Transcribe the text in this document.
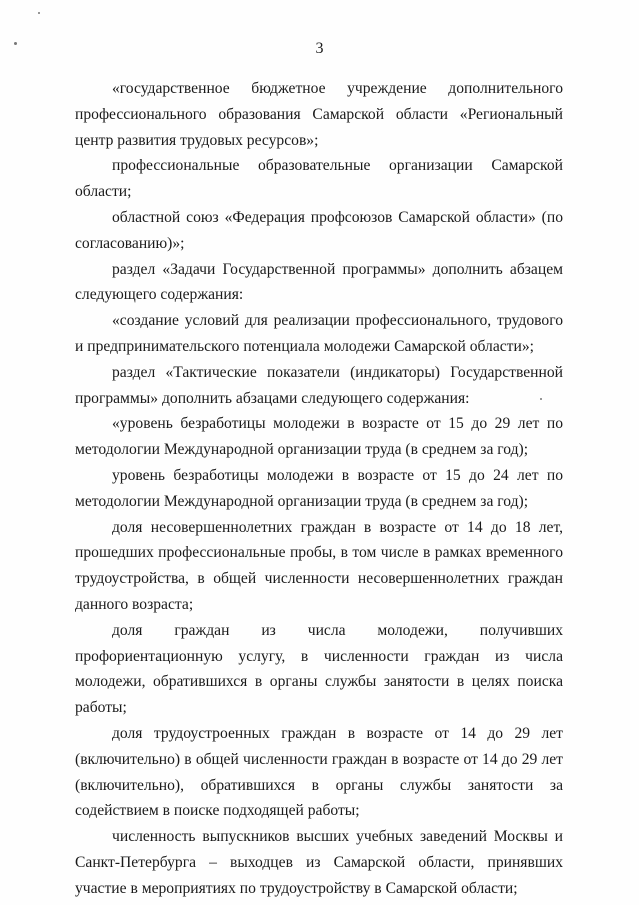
3

«государственное бюджетное учреждение дополнительного профессионального образования Самарской области «Региональный центр развития трудовых ресурсов»;

профессиональные образовательные организации Самарской области;

областной союз «Федерация профсоюзов Самарской области» (по согласованию)»;

раздел «Задачи Государственной программы» дополнить абзацем следующего содержания:

«создание условий для реализации профессионального, трудового и предпринимательского потенциала молодежи Самарской области»;

раздел «Тактические показатели (индикаторы) Государственной программы» дополнить абзацами следующего содержания:

«уровень безработицы молодежи в возрасте от 15 до 29 лет по методологии Международной организации труда (в среднем за год);

уровень безработицы молодежи в возрасте от 15 до 24 лет по методологии Международной организации труда (в среднем за год);

доля несовершеннолетних граждан в возрасте от 14 до 18 лет, прошедших профессиональные пробы, в том числе в рамках временного трудоустройства, в общей численности несовершеннолетних граждан данного возраста;

доля граждан из числа молодежи, получивших профориентационную услугу, в численности граждан из числа молодежи, обратившихся в органы службы занятости в целях поиска работы;

доля трудоустроенных граждан в возрасте от 14 до 29 лет (включительно) в общей численности граждан в возрасте от 14 до 29 лет (включительно), обратившихся в органы службы занятости за содействием в поиске подходящей работы;

численность выпускников высших учебных заведений Москвы и Санкт-Петербурга – выходцев из Самарской области, принявших участие в мероприятиях по трудоустройству в Самарской области;
